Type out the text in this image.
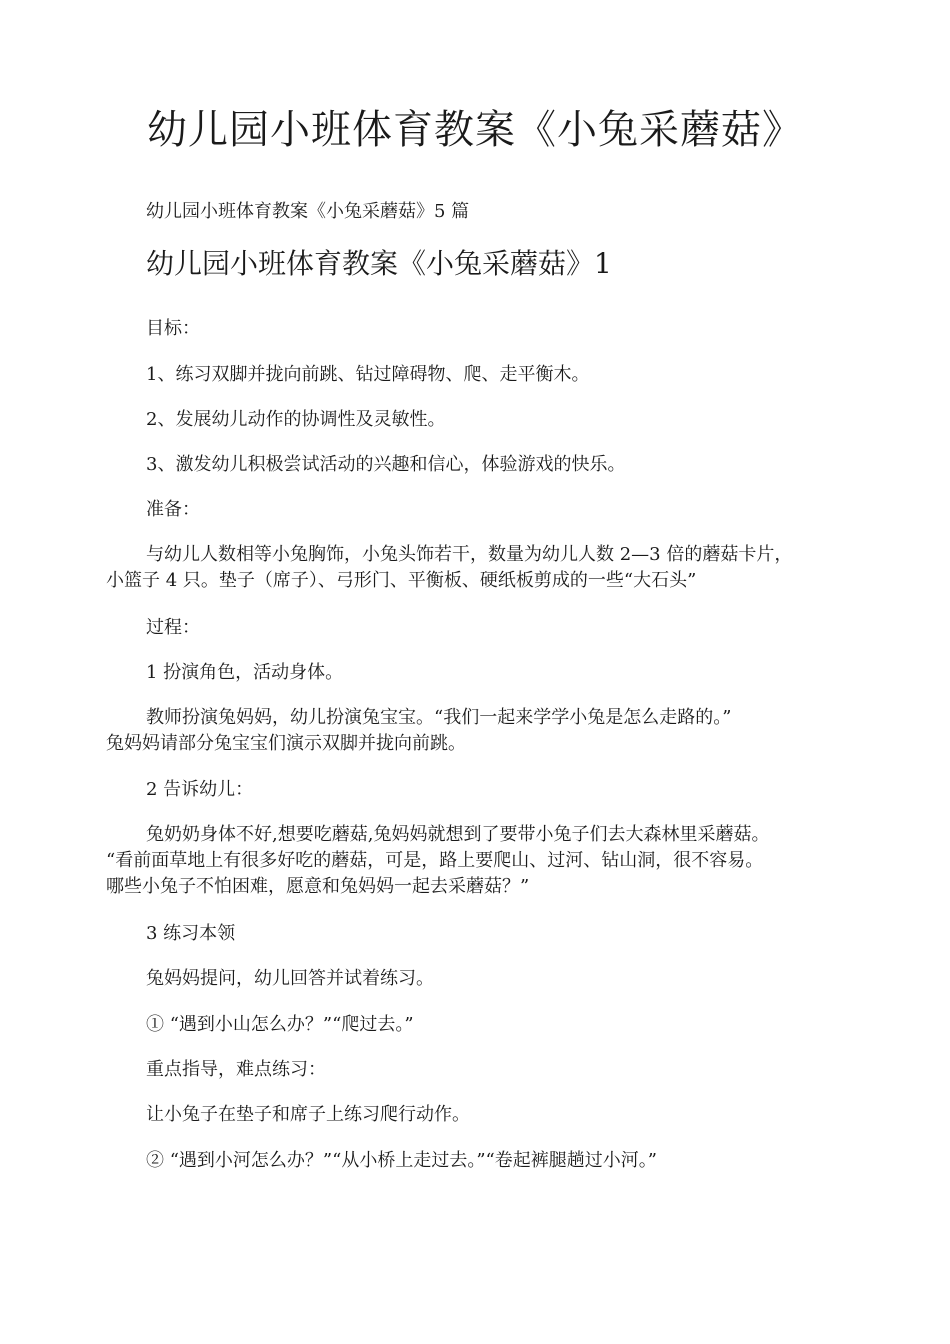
幼儿园小班体育教案《小兔采蘑菇》

幼儿园小班体育教案《小兔采蘑菇》5 篇

幼儿园小班体育教案《小兔采蘑菇》1

目标：

1、练习双脚并拢向前跳、钻过障碍物、爬、走平衡木。

2、发展幼儿动作的协调性及灵敏性。

3、激发幼儿积极尝试活动的兴趣和信心，体验游戏的快乐。

准备：

与幼儿人数相等小兔胸饰，小兔头饰若干，数量为幼儿人数 2—3 倍的蘑菇卡片，
小篮子 4 只。垫子（席子）、弓形门、平衡板、硬纸板剪成的一些“大石头”

过程：

1 扮演角色，活动身体。

教师扮演兔妈妈，幼儿扮演兔宝宝。“我们一起来学学小兔是怎么走路的。”
兔妈妈请部分兔宝宝们演示双脚并拢向前跳。

2 告诉幼儿：

兔奶奶身体不好,想要吃蘑菇,兔妈妈就想到了要带小兔子们去大森林里采蘑菇。
“看前面草地上有很多好吃的蘑菇，可是，路上要爬山、过河、钻山洞，很不容易。
哪些小兔子不怕困难，愿意和兔妈妈一起去采蘑菇？”

3 练习本领

兔妈妈提问，幼儿回答并试着练习。

① “遇到小山怎么办？”“爬过去。”

重点指导，难点练习：

让小兔子在垫子和席子上练习爬行动作。

② “遇到小河怎么办？”“从小桥上走过去。”“卷起裤腿趟过小河。”
